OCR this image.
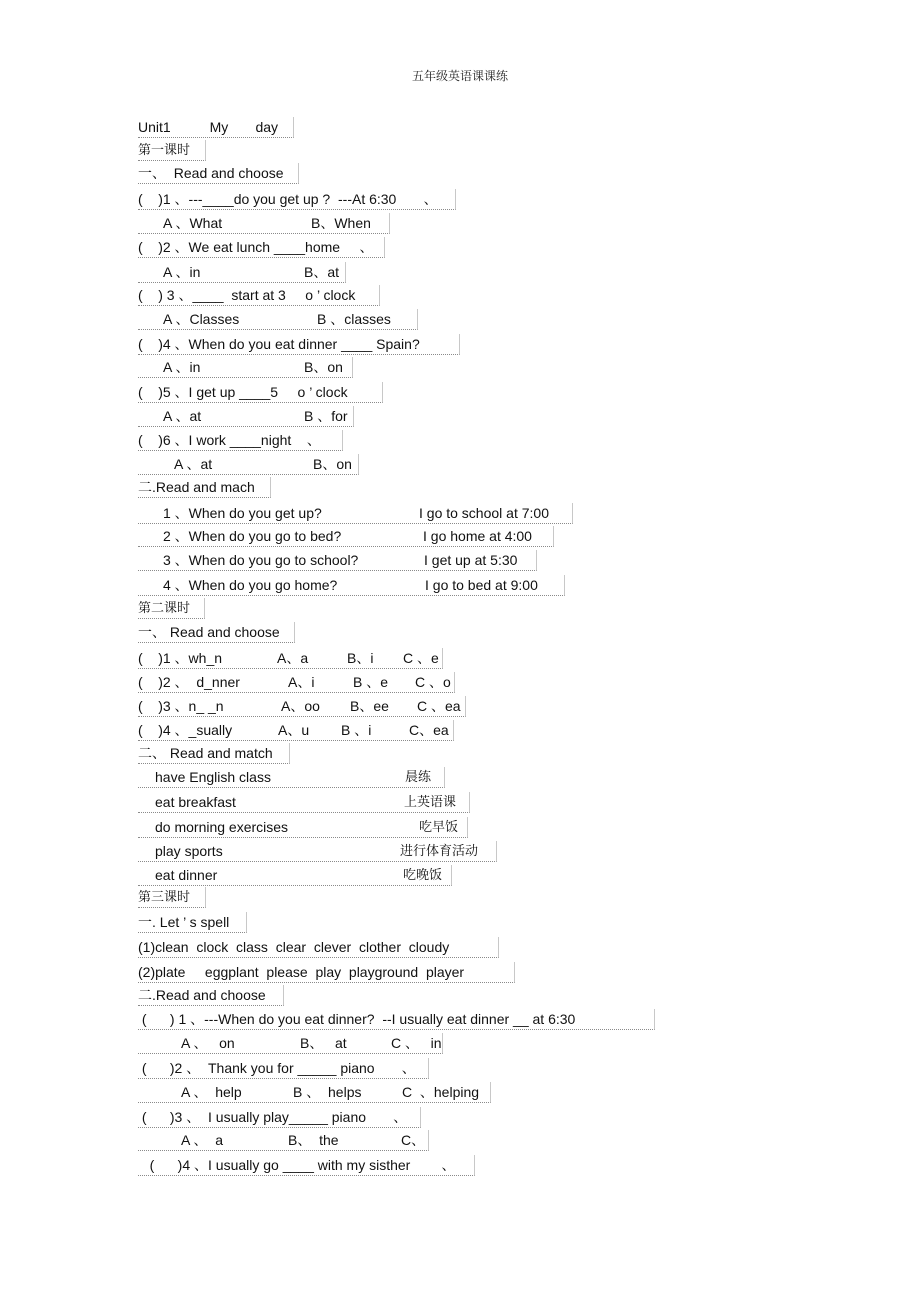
五年级英语课课练
Unit1          My       day
第一课时
一、  Read and choose
(    )1 、---____do you get up ?  ---At 6:30       、

A 、What

	B、When

(    )2 、We eat lunch ____home     、

A 、in

	B、at

(    ) 3 、____  start at 3     o ’ clock

A 、Classes

	B 、classes

(    )4 、When do you eat dinner ____ Spain?

A 、in

	B、on

(    )5 、I get up ____5     o ’ clock

A 、at

	B 、for

(    )6 、I work ____night    、

A 、at

	B、on

二.Read and mach

1 、When do you get up?

	I go to school at 7:00

2 、When do you go to bed?

	I go home at 4:00

3 、When do you go to school?

	I get up at 5:30

4 、When do you go home?

	I go to bed at 9:00

第二课时
一、 Read and choose

(    )1 、wh_n

	A、a

	B、i

C 、e

(    )2 、  d_nner

	A、i

	B 、e

C 、o

(    )3 、n_ _n

	A、oo

B、ee

C 、ea

(    )4 、_sually

	A、u

B 、i

	C、ea

二、 Read and match

have English class

	晨练

eat breakfast

	上英语课

do morning exercises

	吃早饭

play sports

	进行体育活动

eat dinner

	吃晚饭

第三课时
一. Let ’ s spell
(1)clean  clock  class  clear  clever  clother  cloudy
(2)plate     eggplant  please  play  playground  player
二.Read and choose
(      ) 1 、---When do you eat dinner?  --I usually eat dinner __ at 6:30

A 、   on

	B、   at

	C 、   in

(      )2 、  Thank you for _____ piano       、

A 、  help

	B 、  helps

	C  、helping

(      )3 、  I usually play_____ piano       、

A 、  a

	B、  the

	C、

(      )4 、I usually go ____ with my sisther        、
